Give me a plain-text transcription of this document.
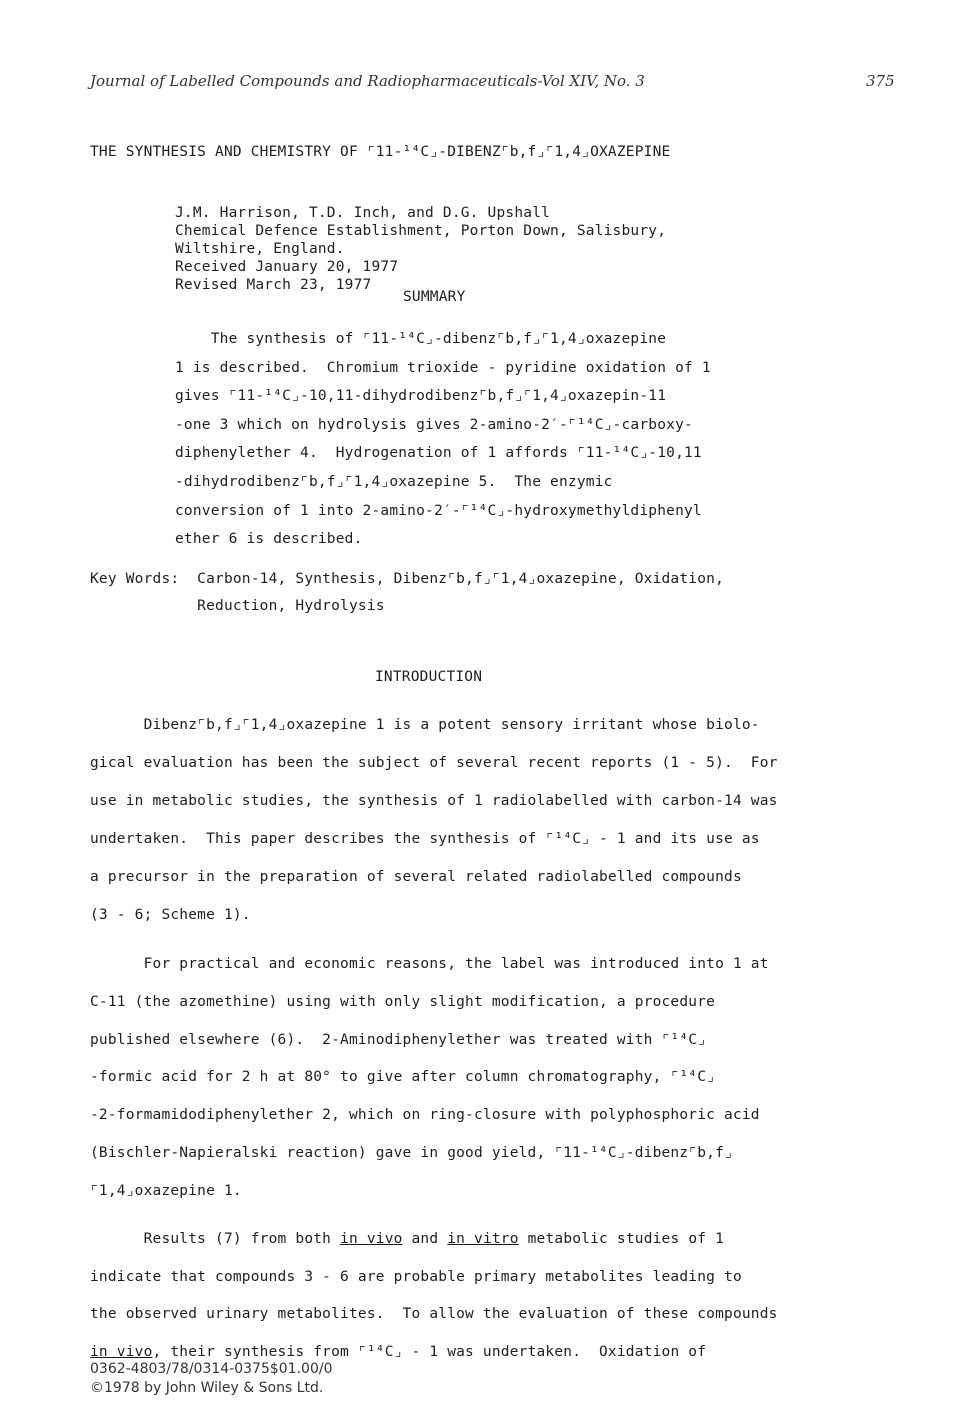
Journal of Labelled Compounds and Radiopharmaceuticals-Vol XIV, No. 3	375
THE SYNTHESIS AND CHEMISTRY OF ⌜11-¹⁴C⌟-DIBENZ⌜b,f⌟⌜1,4⌟OXAZEPINE
J.M. Harrison, T.D. Inch, and D.G. Upshall
Chemical Defence Establishment, Porton Down, Salisbury,
Wiltshire, England.
Received January 20, 1977
Revised March 23, 1977
SUMMARY
The synthesis of ⌜11-¹⁴C⌟-dibenz⌜b,f⌟⌜1,4⌟oxazepine
1 is described.  Chromium trioxide - pyridine oxidation of 1
gives ⌜11-¹⁴C⌟-10,11-dihydrodibenz⌜b,f⌟⌜1,4⌟oxazepin-11
-one 3 which on hydrolysis gives 2-amino-2′-⌜¹⁴C⌟-carboxy-
diphenylether 4.  Hydrogenation of 1 affords ⌜11-¹⁴C⌟-10,11
-dihydrodibenz⌜b,f⌟⌜1,4⌟oxazepine 5.  The enzymic
conversion of 1 into 2-amino-2′-⌜¹⁴C⌟-hydroxymethyldiphenyl
ether 6 is described.
Key Words:  Carbon-14, Synthesis, Dibenz⌜b,f⌟⌜1,4⌟oxazepine, Oxidation,
Reduction, Hydrolysis
INTRODUCTION
Dibenz⌜b,f⌟⌜1,4⌟oxazepine 1 is a potent sensory irritant whose biolo-
gical evaluation has been the subject of several recent reports (1 - 5).  For
use in metabolic studies, the synthesis of 1 radiolabelled with carbon-14 was
undertaken.  This paper describes the synthesis of ⌜¹⁴C⌟ - 1 and its use as
a precursor in the preparation of several related radiolabelled compounds
(3 - 6; Scheme 1).
For practical and economic reasons, the label was introduced into 1 at
C-11 (the azomethine) using with only slight modification, a procedure
published elsewhere (6).  2-Aminodiphenylether was treated with ⌜¹⁴C⌟
-formic acid for 2 h at 80° to give after column chromatography, ⌜¹⁴C⌟
-2-formamidodiphenylether 2, which on ring-closure with polyphosphoric acid
(Bischler-Napieralski reaction) gave in good yield, ⌜11-¹⁴C⌟-dibenz⌜b,f⌟
⌜1,4⌟oxazepine 1.
Results (7) from both in vivo and in vitro metabolic studies of 1
indicate that compounds 3 - 6 are probable primary metabolites leading to
the observed urinary metabolites.  To allow the evaluation of these compounds
in vivo, their synthesis from ⌜¹⁴C⌟ - 1 was undertaken.  Oxidation of
0362-4803/78/0314-0375$01.00/0
©1978 by John Wiley & Sons Ltd.
